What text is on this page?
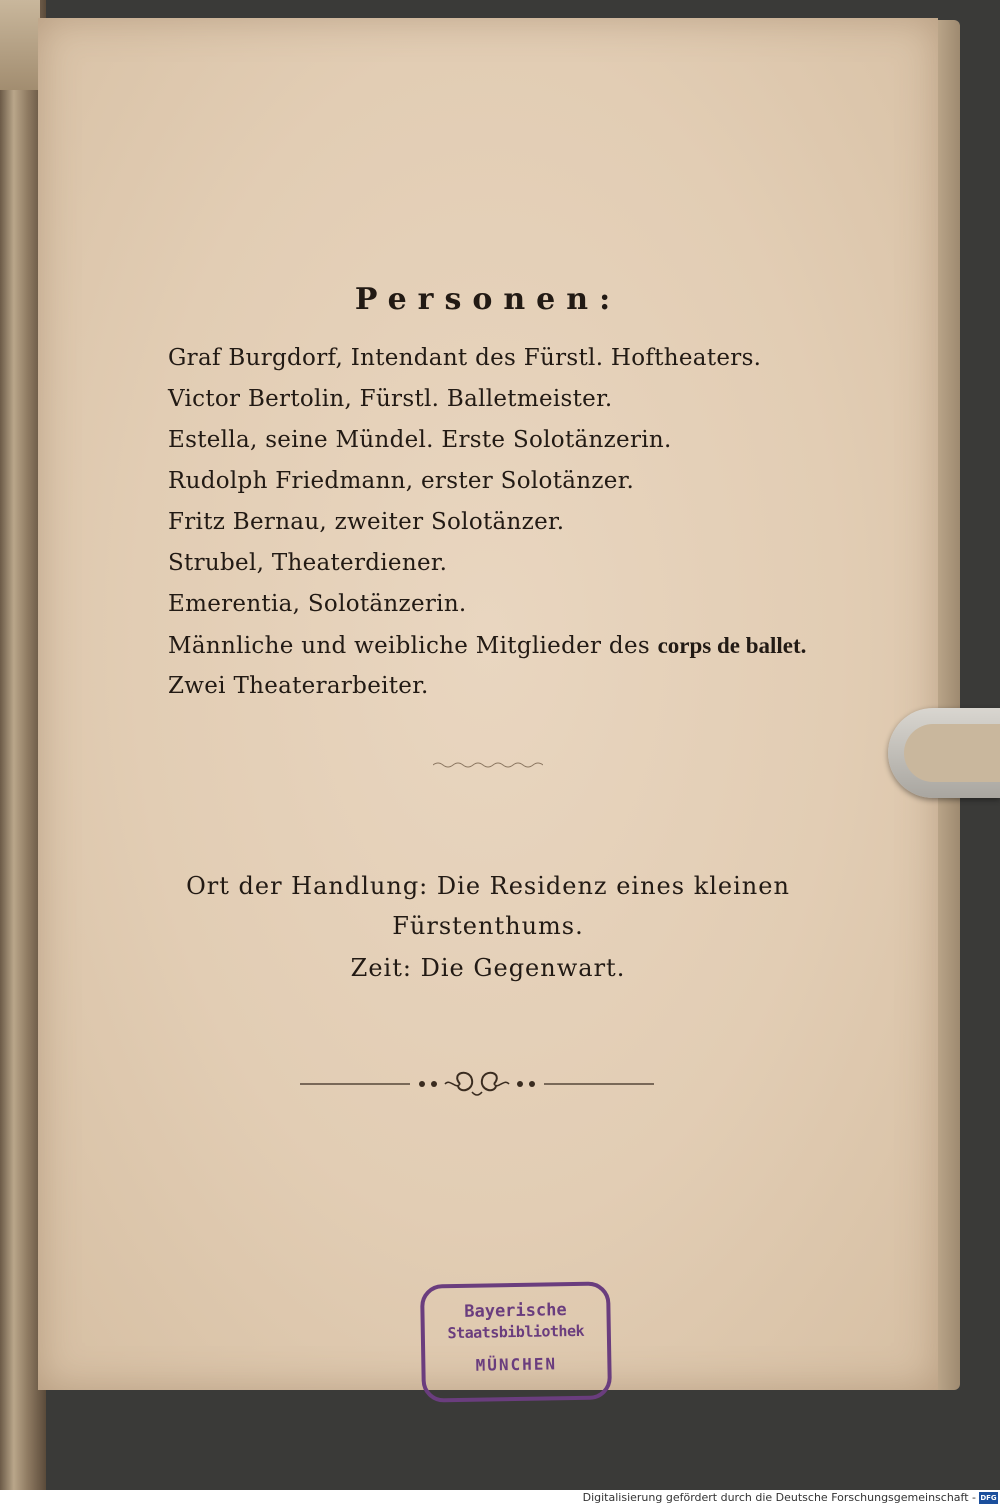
Personen:
Graf Burgdorf, Intendant des Fürstl. Hoftheaters.
Victor Bertolin, Fürstl. Balletmeister.
Estella, seine Mündel. Erste Solotänzerin.
Rudolph Friedmann, erster Solotänzer.
Fritz Bernau, zweiter Solotänzer.
Strubel, Theaterdiener.
Emerentia, Solotänzerin.
Männliche und weibliche Mitglieder des corps de ballet.
Zwei Theaterarbeiter.
Ort der Handlung: Die Residenz eines kleinen
Fürstenthums.
Zeit: Die Gegenwart.
Bayerische
Staatsbibliothek
MÜNCHEN
Digitalisierung gefördert durch die Deutsche Forschungsgemeinschaft - DFG
